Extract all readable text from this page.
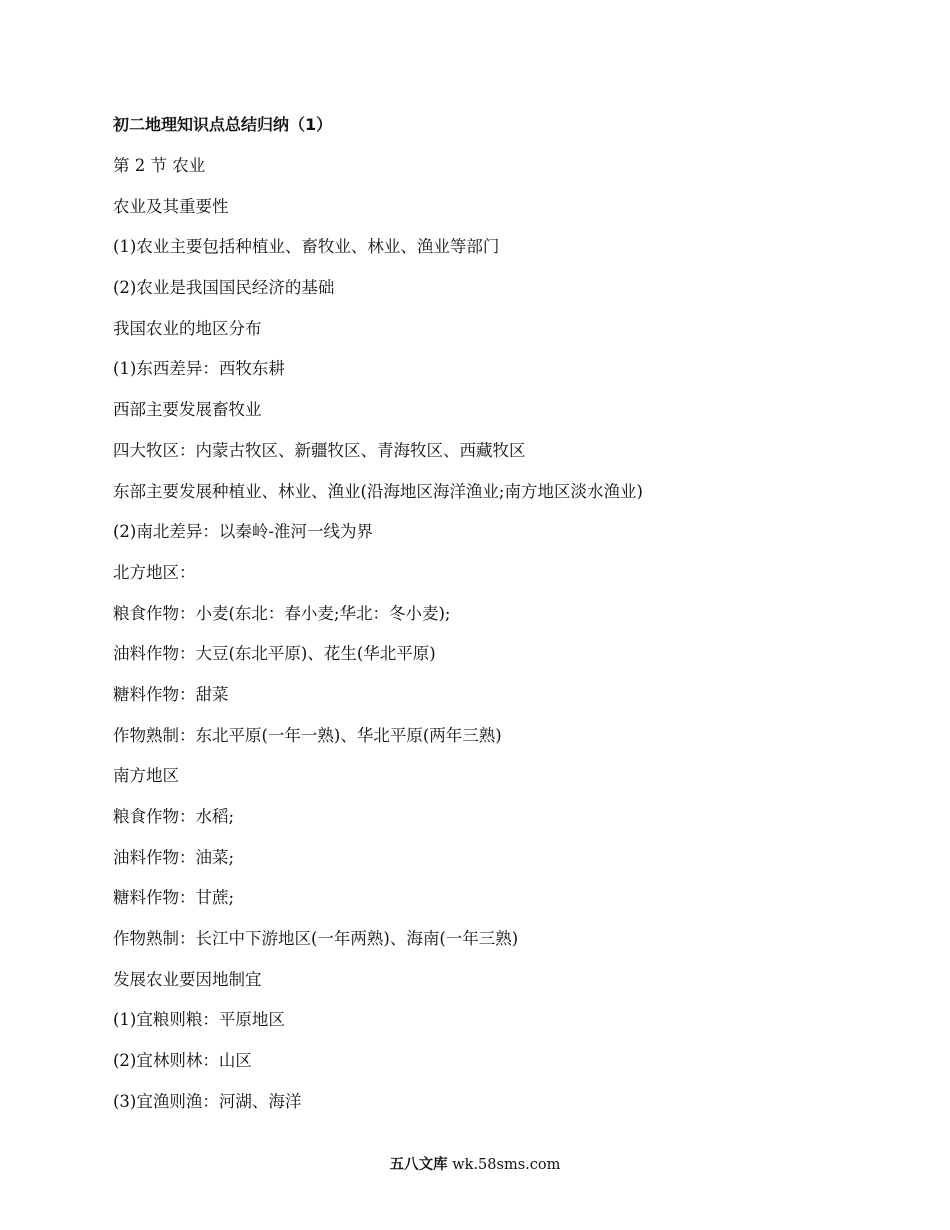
初二地理知识点总结归纳（1）

第 2 节 农业

农业及其重要性

(1)农业主要包括种植业、畜牧业、林业、渔业等部门

(2)农业是我国国民经济的基础

我国农业的地区分布

(1)东西差异：西牧东耕

西部主要发展畜牧业

四大牧区：内蒙古牧区、新疆牧区、青海牧区、西藏牧区

东部主要发展种植业、林业、渔业(沿海地区海洋渔业;南方地区淡水渔业)

(2)南北差异：以秦岭-淮河一线为界

北方地区：

粮食作物：小麦(东北：春小麦;华北：冬小麦);

油料作物：大豆(东北平原)、花生(华北平原)

糖料作物：甜菜

作物熟制：东北平原(一年一熟)、华北平原(两年三熟)

南方地区

粮食作物：水稻;

油料作物：油菜;

糖料作物：甘蔗;

作物熟制：长江中下游地区(一年两熟)、海南(一年三熟)

发展农业要因地制宜

(1)宜粮则粮：平原地区

(2)宜林则林：山区

(3)宜渔则渔：河湖、海洋

五八文库 wk.58sms.com
